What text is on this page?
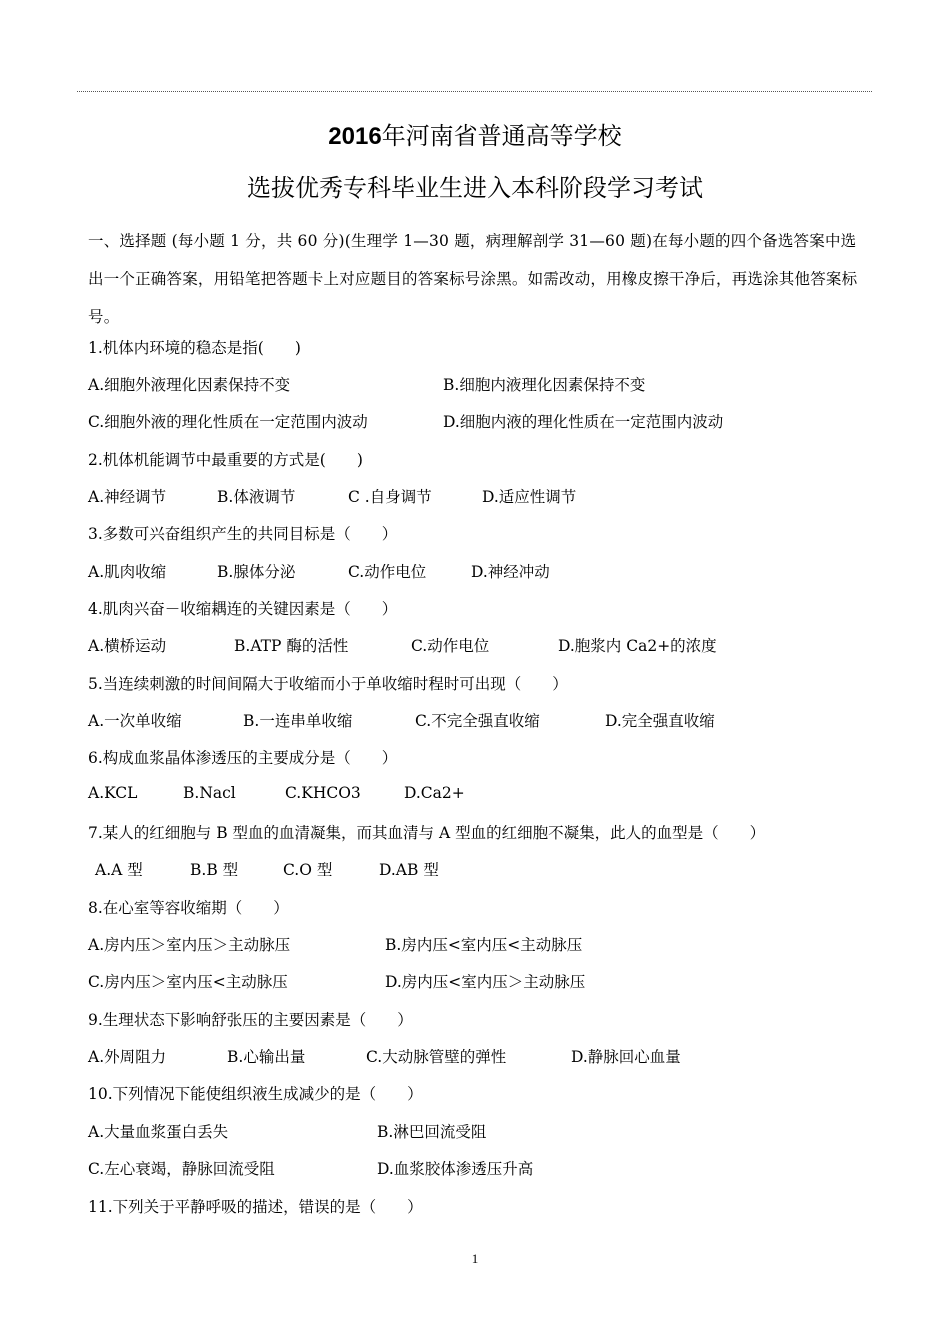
2016年河南省普通高等学校
选拔优秀专科毕业生进入本科阶段学习考试
一、选择题 (每小题 1 分，共 60 分)(生理学 1—30 题，病理解剖学 31—60 题)在每小题的四个备选答案中选出一个正确答案，用铅笔把答题卡上对应题目的答案标号涂黑。如需改动，用橡皮擦干净后，再选涂其他答案标号。
1.机体内环境的稳态是指(　　)
A.细胞外液理化因素保持不变	B.细胞内液理化因素保持不变
C.细胞外液的理化性质在一定范围内波动	D.细胞内液的理化性质在一定范围内波动
2.机体机能调节中最重要的方式是(　　)
A.神经调节	B.体液调节	C .自身调节	D.适应性调节
3.多数可兴奋组织产生的共同目标是（　　）
A.肌肉收缩	B.腺体分泌	C.动作电位	D.神经冲动
4.肌肉兴奋－收缩耦连的关键因素是（　　）
A.横桥运动	B.ATP 酶的活性	C.动作电位	D.胞浆内 Ca2+的浓度
5.当连续刺激的时间间隔大于收缩而小于单收缩时程时可出现（　　）
A.一次单收缩	B.一连串单收缩	C.不完全强直收缩	D.完全强直收缩
6.构成血浆晶体渗透压的主要成分是（　　）
A.KCL	B.Nacl	C.KHCO3	D.Ca2+
7.某人的红细胞与 B 型血的血清凝集，而其血清与 A 型血的红细胞不凝集，此人的血型是（　　）
A.A 型	B.B 型	C.O 型	D.AB 型
8.在心室等容收缩期（　　）
A.房内压＞室内压＞主动脉压	B.房内压<室内压<主动脉压
C.房内压＞室内压<主动脉压	D.房内压<室内压＞主动脉压
9.生理状态下影响舒张压的主要因素是（　　）
A.外周阻力	B.心输出量	C.大动脉管壁的弹性	D.静脉回心血量
10.下列情况下能使组织液生成减少的是（　　）
A.大量血浆蛋白丢失	B.淋巴回流受阻
C.左心衰竭，静脉回流受阻	D.血浆胶体渗透压升高
11.下列关于平静呼吸的描述，错误的是（　　）
1
